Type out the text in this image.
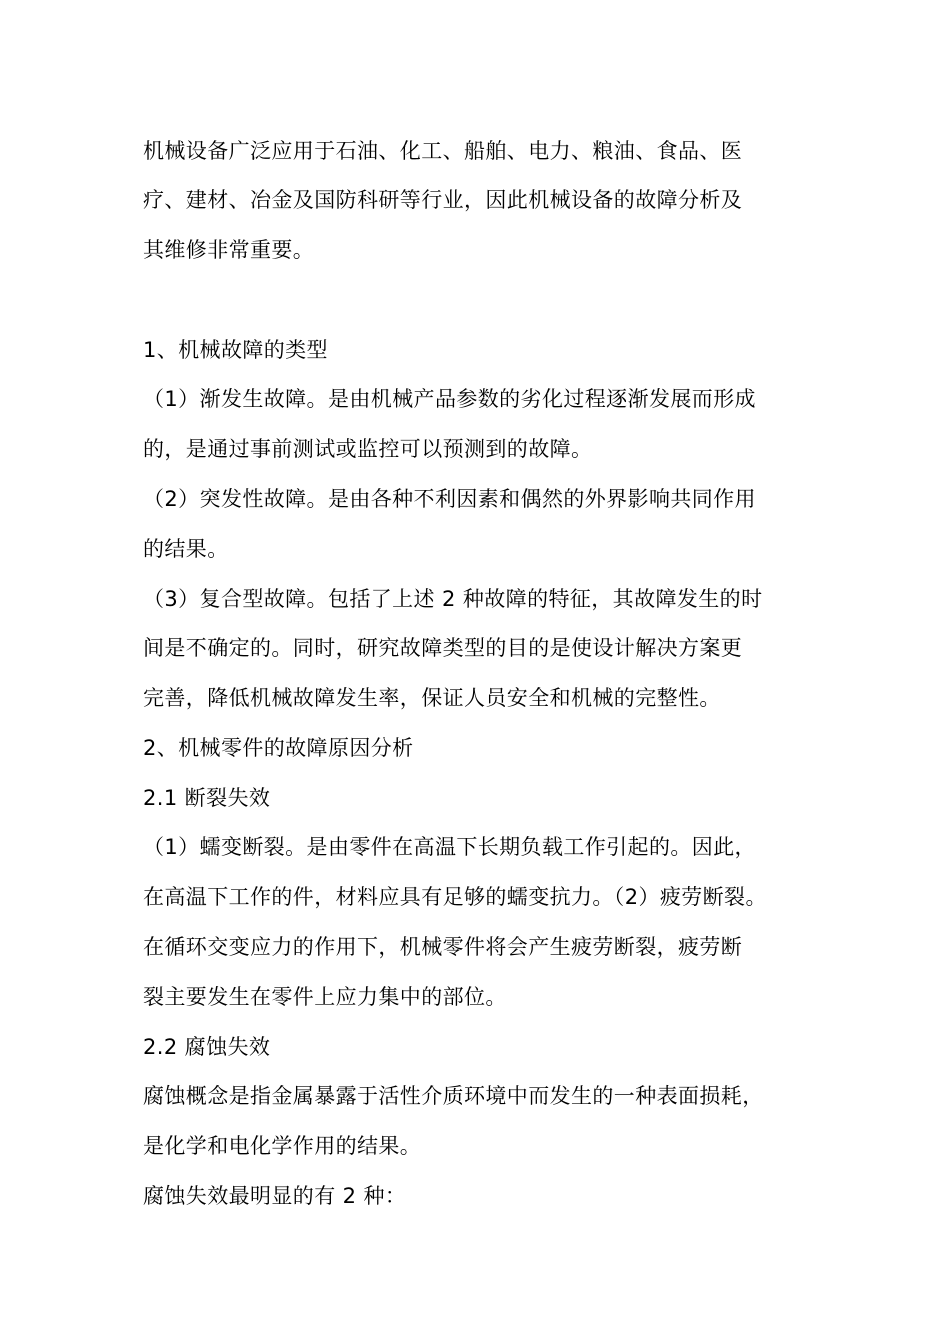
机械设备广泛应用于石油、化工、船舶、电力、粮油、食品、医
疗、建材、冶金及国防科研等行业，因此机械设备的故障分析及
其维修非常重要。
1、机械故障的类型
（1）渐发生故障。是由机械产品参数的劣化过程逐渐发展而形成
的，是通过事前测试或监控可以预测到的故障。
（2）突发性故障。是由各种不利因素和偶然的外界影响共同作用
的结果。
（3）复合型故障。包括了上述 2 种故障的特征，其故障发生的时
间是不确定的。同时，研究故障类型的目的是使设计解决方案更
完善，降低机械故障发生率，保证人员安全和机械的完整性。
2、机械零件的故障原因分析
2.1 断裂失效
（1）蠕变断裂。是由零件在高温下长期负载工作引起的。因此，
在高温下工作的件，材料应具有足够的蠕变抗力。（2）疲劳断裂。
在循环交变应力的作用下，机械零件将会产生疲劳断裂，疲劳断
裂主要发生在零件上应力集中的部位。
2.2 腐蚀失效
腐蚀概念是指金属暴露于活性介质环境中而发生的一种表面损耗，
是化学和电化学作用的结果。
腐蚀失效最明显的有 2 种：
